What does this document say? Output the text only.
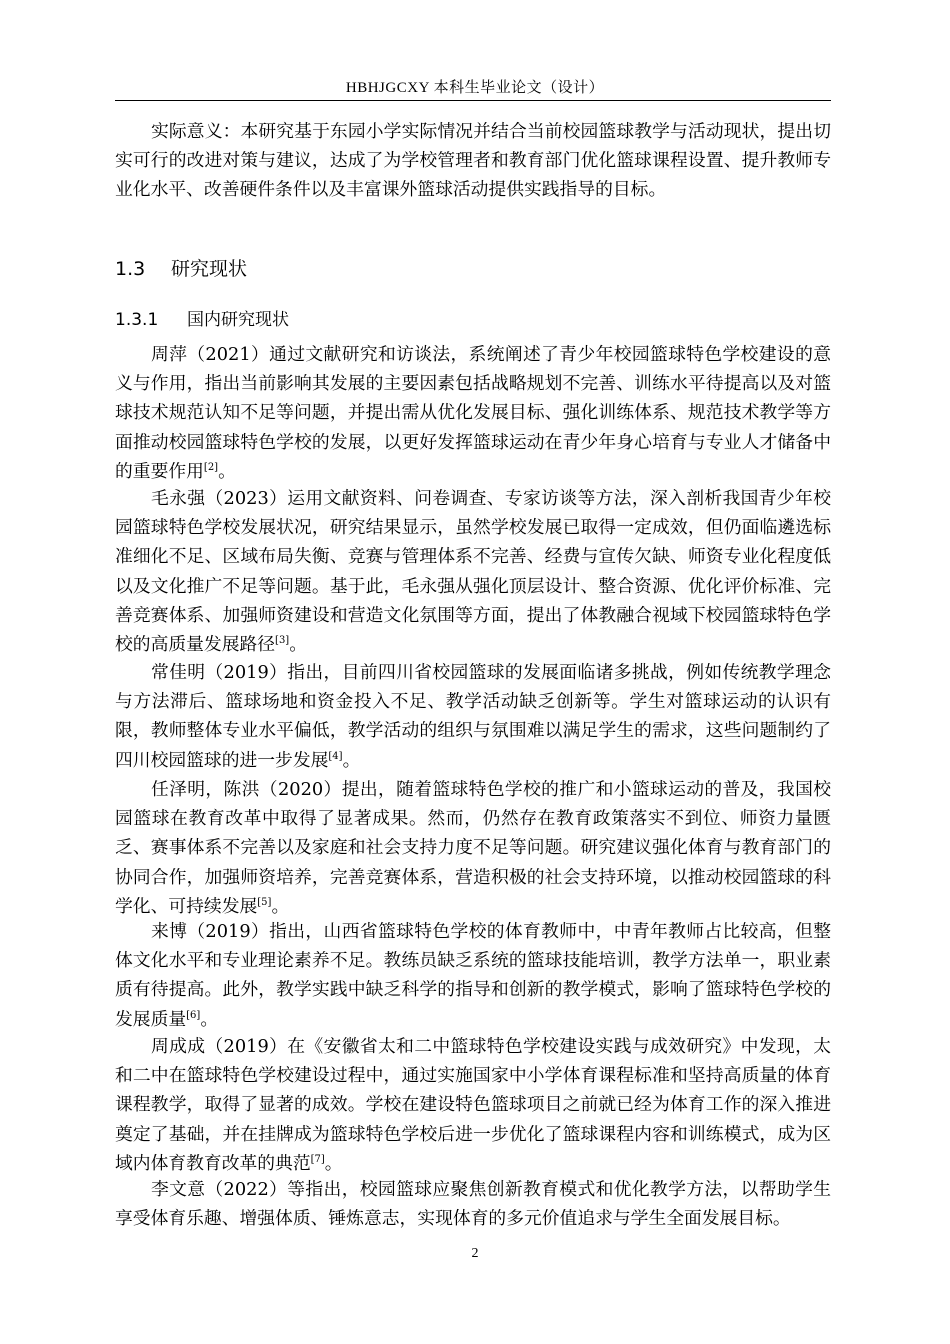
HBHJGCXY 本科生毕业论文（设计）

实际意义：本研究基于东园小学实际情况并结合当前校园篮球教学与活动现状，提出切实可行的改进对策与建议，达成了为学校管理者和教育部门优化篮球课程设置、提升教师专业化水平、改善硬件条件以及丰富课外篮球活动提供实践指导的目标。

1.3 研究现状
1.3.1 国内研究现状

周萍（2021）通过文献研究和访谈法，系统阐述了青少年校园篮球特色学校建设的意义与作用，指出当前影响其发展的主要因素包括战略规划不完善、训练水平待提高以及对篮球技术规范认知不足等问题，并提出需从优化发展目标、强化训练体系、规范技术教学等方面推动校园篮球特色学校的发展，以更好发挥篮球运动在青少年身心培育与专业人才储备中的重要作用[2]。

毛永强（2023）运用文献资料、问卷调查、专家访谈等方法，深入剖析我国青少年校园篮球特色学校发展状况，研究结果显示，虽然学校发展已取得一定成效，但仍面临遴选标准细化不足、区域布局失衡、竞赛与管理体系不完善、经费与宣传欠缺、师资专业化程度低以及文化推广不足等问题。基于此，毛永强从强化顶层设计、整合资源、优化评价标准、完善竞赛体系、加强师资建设和营造文化氛围等方面，提出了体教融合视域下校园篮球特色学校的高质量发展路径[3]。

常佳明（2019）指出，目前四川省校园篮球的发展面临诸多挑战，例如传统教学理念与方法滞后、篮球场地和资金投入不足、教学活动缺乏创新等。学生对篮球运动的认识有限，教师整体专业水平偏低，教学活动的组织与氛围难以满足学生的需求，这些问题制约了四川校园篮球的进一步发展[4]。

任泽明，陈洪（2020）提出，随着篮球特色学校的推广和小篮球运动的普及，我国校园篮球在教育改革中取得了显著成果。然而，仍然存在教育政策落实不到位、师资力量匮乏、赛事体系不完善以及家庭和社会支持力度不足等问题。研究建议强化体育与教育部门的协同合作，加强师资培养，完善竞赛体系，营造积极的社会支持环境，以推动校园篮球的科学化、可持续发展[5]。

来博（2019）指出，山西省篮球特色学校的体育教师中，中青年教师占比较高，但整体文化水平和专业理论素养不足。教练员缺乏系统的篮球技能培训，教学方法单一，职业素质有待提高。此外，教学实践中缺乏科学的指导和创新的教学模式，影响了篮球特色学校的发展质量[6]。

周成成（2019）在《安徽省太和二中篮球特色学校建设实践与成效研究》中发现，太和二中在篮球特色学校建设过程中，通过实施国家中小学体育课程标准和坚持高质量的体育课程教学，取得了显著的成效。学校在建设特色篮球项目之前就已经为体育工作的深入推进奠定了基础，并在挂牌成为篮球特色学校后进一步优化了篮球课程内容和训练模式，成为区域内体育教育改革的典范[7]。

李文意（2022）等指出，校园篮球应聚焦创新教育模式和优化教学方法，以帮助学生享受体育乐趣、增强体质、锤炼意志，实现体育的多元价值追求与学生全面发展目标。

2
